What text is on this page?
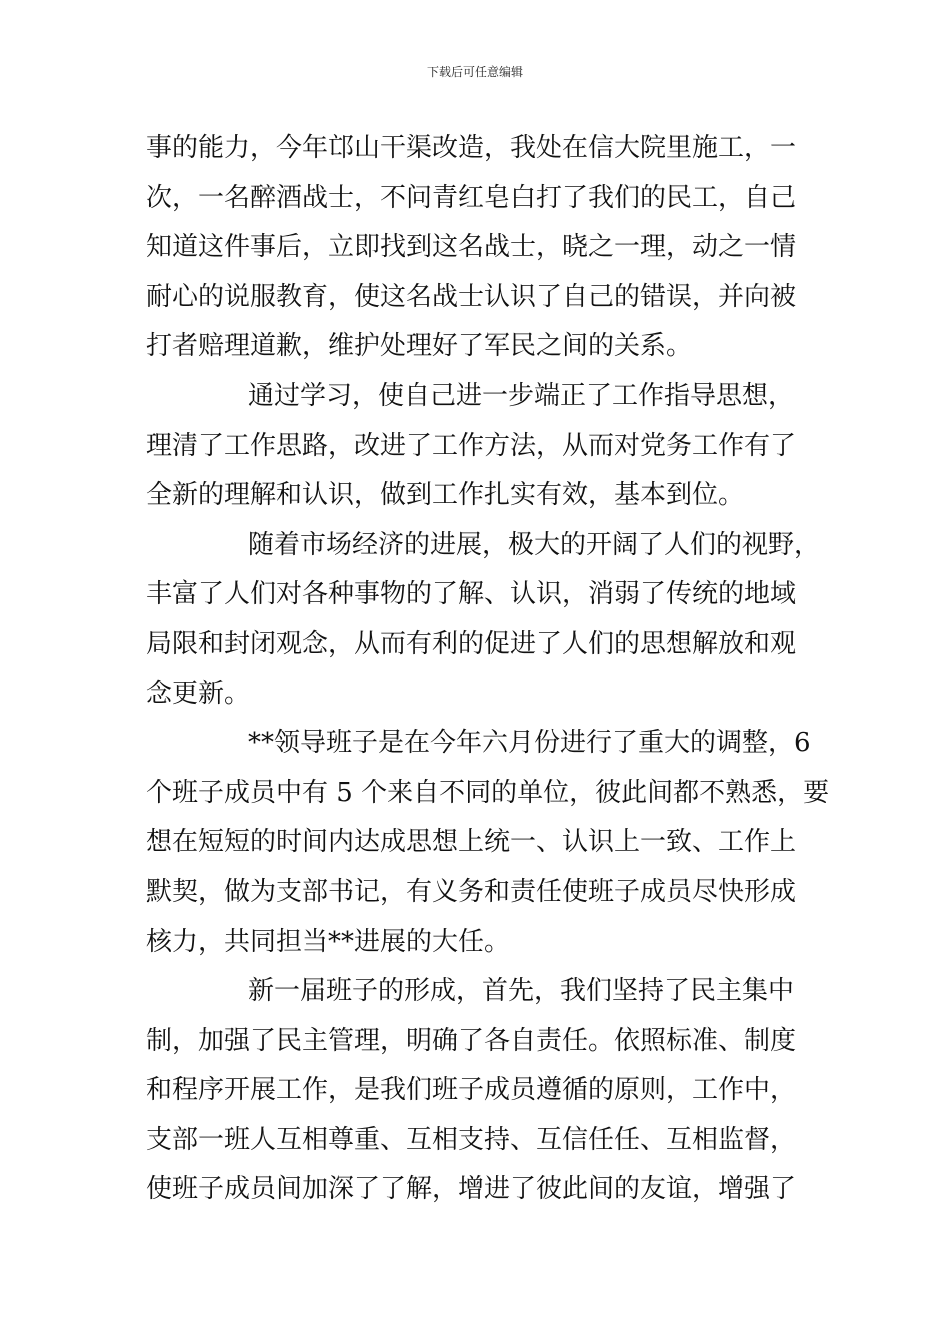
下载后可任意编辑
事的能力，今年邙山干渠改造，我处在信大院里施工，一
次，一名醉酒战士，不问青红皂白打了我们的民工，自己
知道这件事后，立即找到这名战士，晓之一理，动之一情
耐心的说服教育，使这名战士认识了自己的错误，并向被
打者赔理道歉，维护处理好了军民之间的关系。
通过学习，使自己进一步端正了工作指导思想，
理清了工作思路，改进了工作方法，从而对党务工作有了
全新的理解和认识，做到工作扎实有效，基本到位。
随着市场经济的进展，极大的开阔了人们的视野，
丰富了人们对各种事物的了解、认识，消弱了传统的地域
局限和封闭观念，从而有利的促进了人们的思想解放和观
念更新。
**领导班子是在今年六月份进行了重大的调整，6
个班子成员中有 5 个来自不同的单位，彼此间都不熟悉，要
想在短短的时间内达成思想上统一、认识上一致、工作上
默契，做为支部书记，有义务和责任使班子成员尽快形成
核力，共同担当**进展的大任。
新一届班子的形成，首先，我们坚持了民主集中
制，加强了民主管理，明确了各自责任。依照标准、制度
和程序开展工作，是我们班子成员遵循的原则，工作中，
支部一班人互相尊重、互相支持、互信任任、互相监督，
使班子成员间加深了了解，增进了彼此间的友谊，增强了
